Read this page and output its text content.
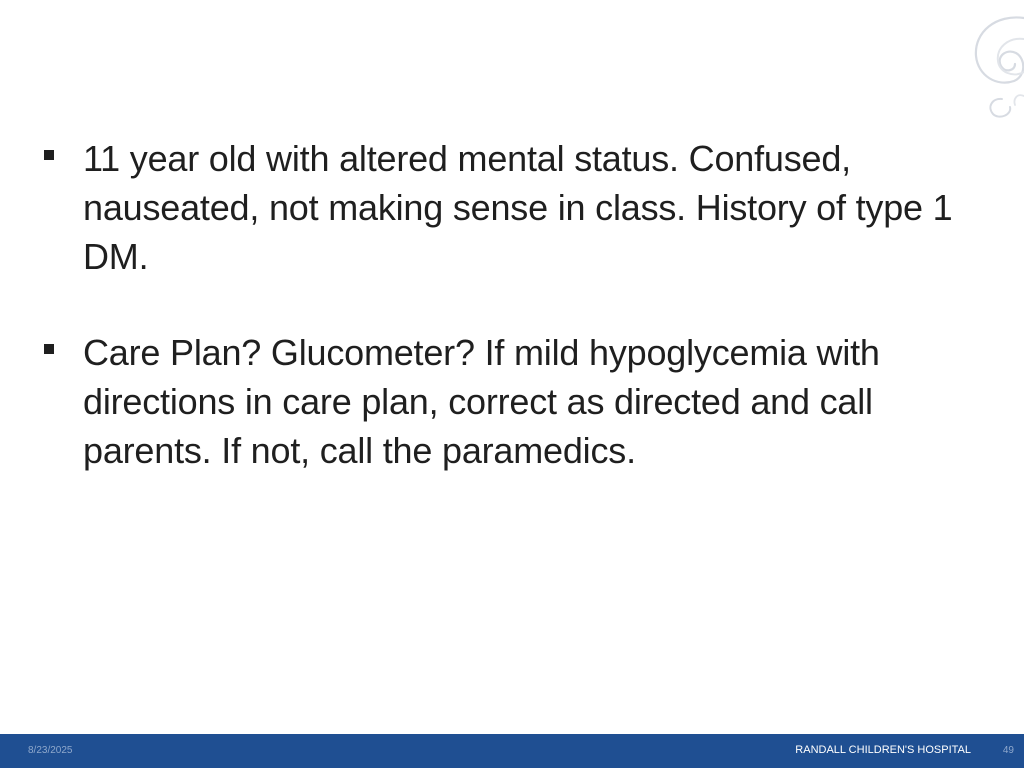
11 year old with altered mental status. Confused, nauseated, not making sense in class. History of type 1 DM.
Care Plan? Glucometer? If mild hypoglycemia with directions in care plan, correct as directed and call parents. If not, call the paramedics.
8/23/2025	RANDALL CHILDREN'S HOSPITAL	49
